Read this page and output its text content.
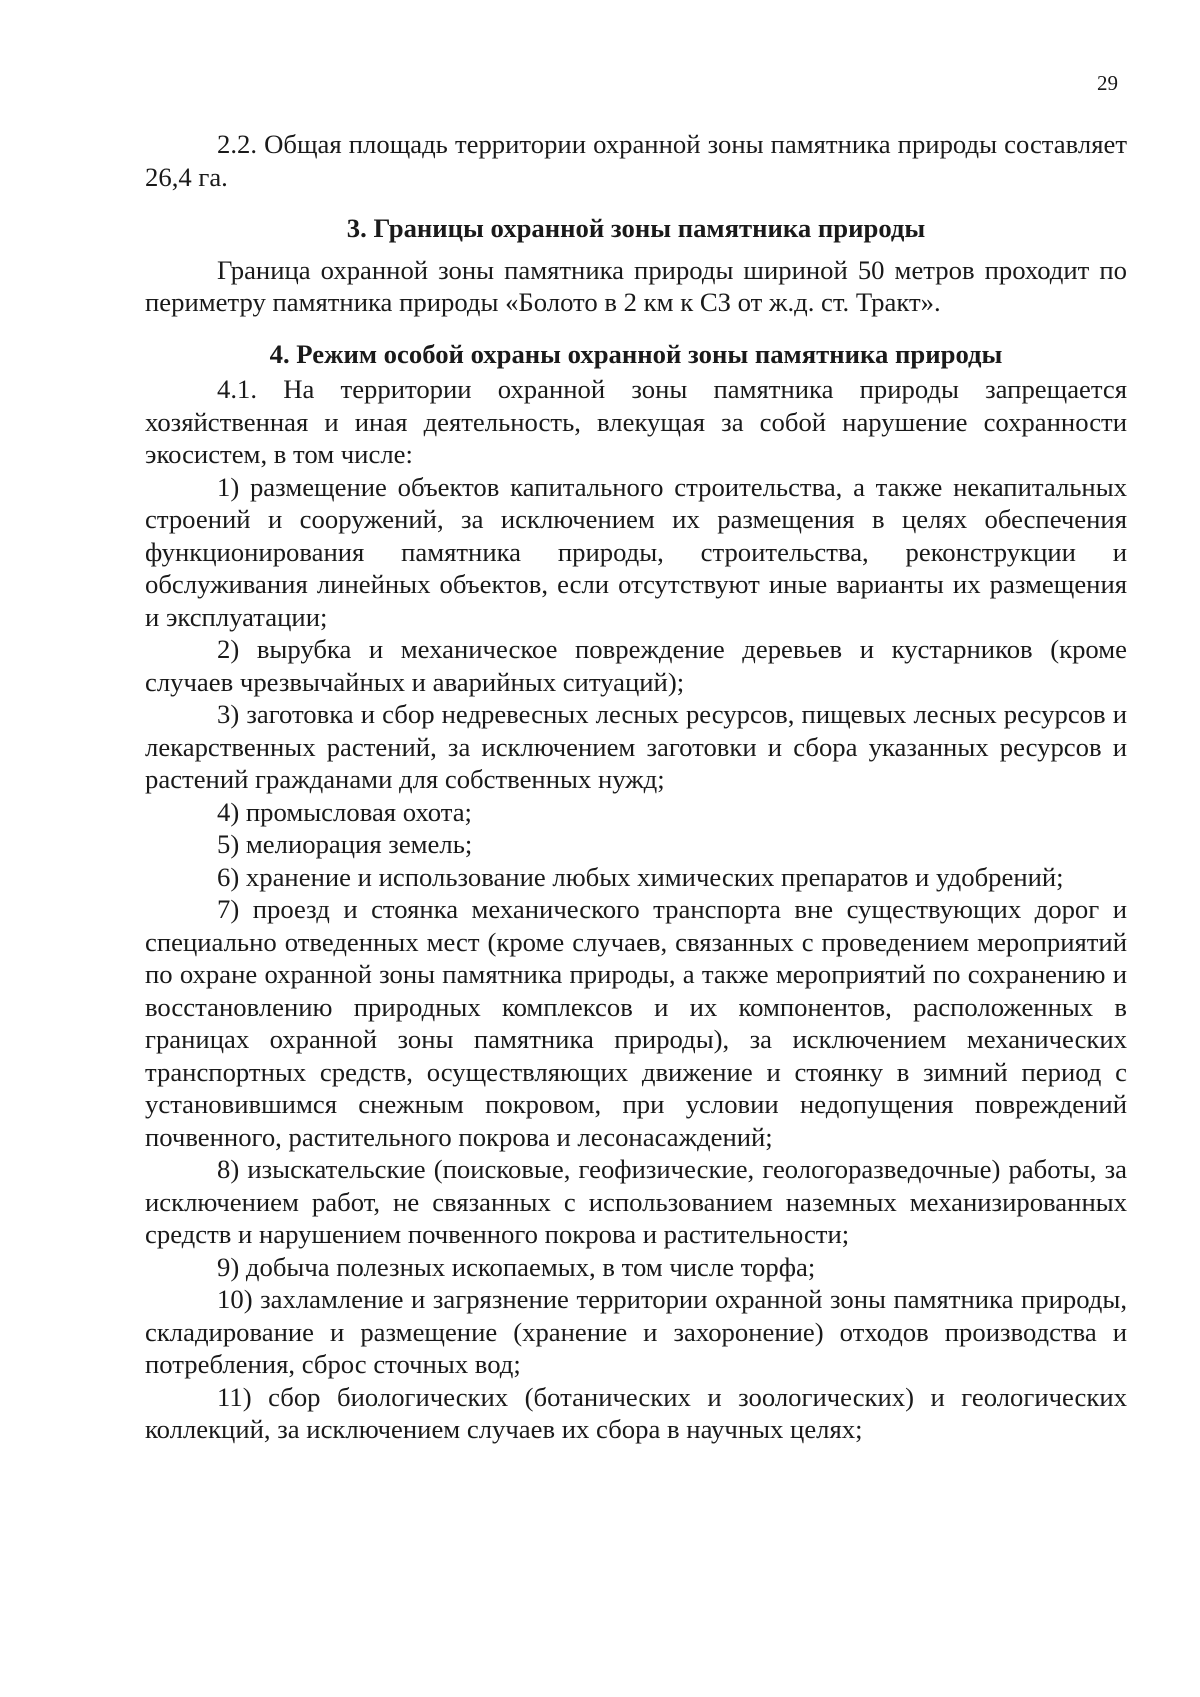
29

2.2. Общая площадь территории охранной зоны памятника природы составляет 26,4 га.

3. Границы охранной зоны памятника природы

Граница охранной зоны памятника природы шириной 50 метров проходит по периметру памятника природы «Болото в 2 км к СЗ от ж.д. ст. Тракт».

4. Режим особой охраны охранной зоны памятника природы

4.1. На территории охранной зоны памятника природы запрещается хозяйственная и иная деятельность, влекущая за собой нарушение сохранности экосистем, в том числе:

1) размещение объектов капитального строительства, а также некапитальных строений и сооружений, за исключением их размещения в целях обеспечения функционирования памятника природы, строительства, реконструкции и обслуживания линейных объектов, если отсутствуют иные варианты их размещения и эксплуатации;

2) вырубка и механическое повреждение деревьев и кустарников (кроме случаев чрезвычайных и аварийных ситуаций);

3) заготовка и сбор недревесных лесных ресурсов, пищевых лесных ресурсов и лекарственных растений, за исключением заготовки и сбора указанных ресурсов и растений гражданами для собственных нужд;

4) промысловая охота;

5) мелиорация земель;

6) хранение и использование любых химических препаратов и удобрений;

7) проезд и стоянка механического транспорта вне существующих дорог и специально отведенных мест (кроме случаев, связанных с проведением мероприятий по охране охранной зоны памятника природы, а также мероприятий по сохранению и восстановлению природных комплексов и их компонентов, расположенных в границах охранной зоны памятника природы), за исключением механических транспортных средств, осуществляющих движение и стоянку в зимний период с установившимся снежным покровом, при условии недопущения повреждений почвенного, растительного покрова и лесонасаждений;

8) изыскательские (поисковые, геофизические, геологоразведочные) работы, за исключением работ, не связанных с использованием наземных механизированных средств и нарушением почвенного покрова и растительности;

9) добыча полезных ископаемых, в том числе торфа;

10) захламление и загрязнение территории охранной зоны памятника природы, складирование и размещение (хранение и захоронение) отходов производства и потребления, сброс сточных вод;

11) сбор биологических (ботанических и зоологических) и геологических коллекций, за исключением случаев их сбора в научных целях;
